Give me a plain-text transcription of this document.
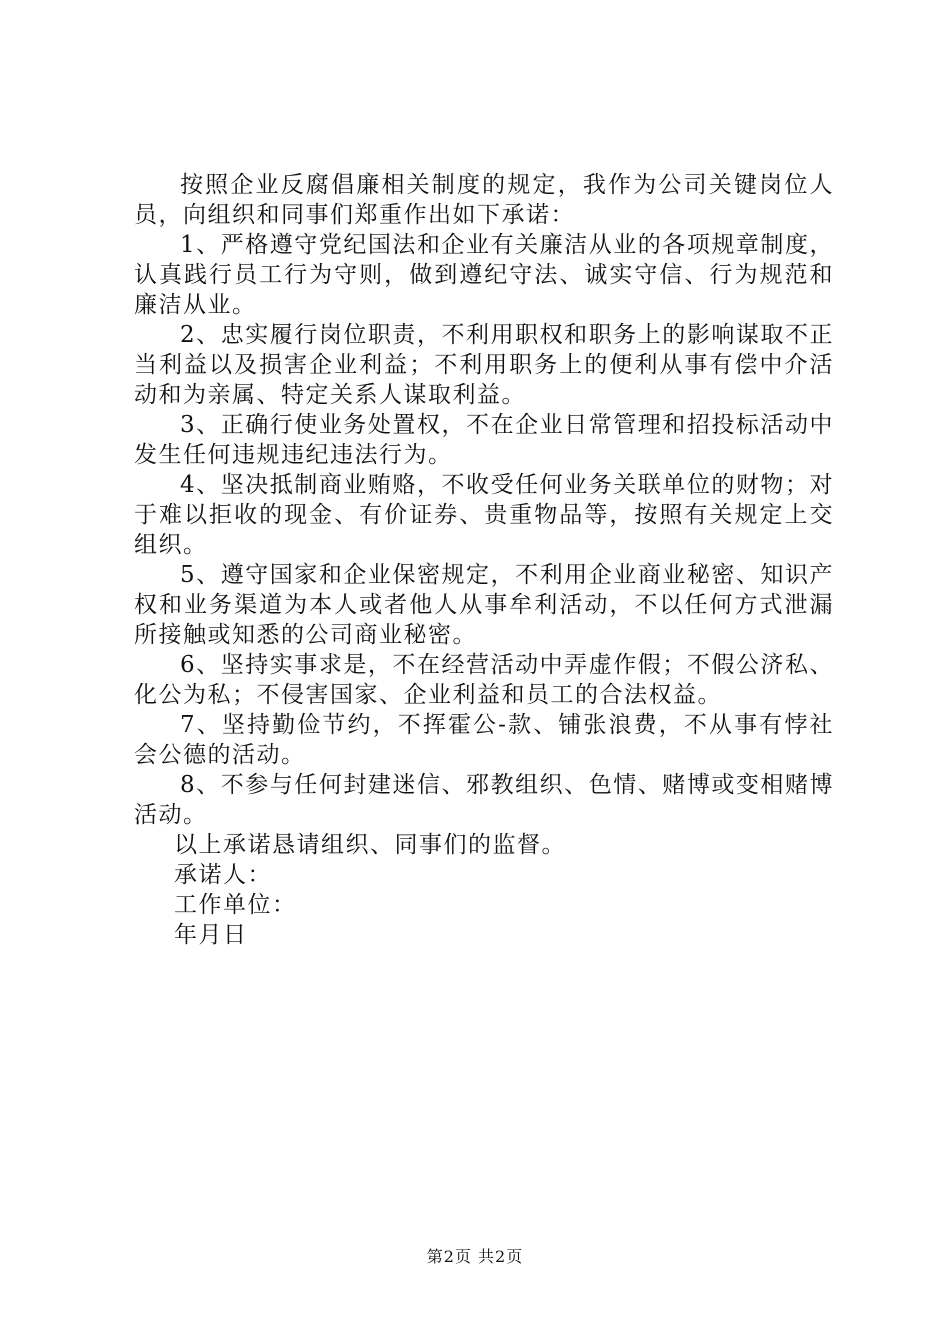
按照企业反腐倡廉相关制度的规定，我作为公司关键岗位人员，向组织和同事们郑重作出如下承诺：

1、严格遵守党纪国法和企业有关廉洁从业的各项规章制度，认真践行员工行为守则，做到遵纪守法、诚实守信、行为规范和廉洁从业。

2、忠实履行岗位职责，不利用职权和职务上的影响谋取不正当利益以及损害企业利益；不利用职务上的便利从事有偿中介活动和为亲属、特定关系人谋取利益。

3、正确行使业务处置权，不在企业日常管理和招投标活动中发生任何违规违纪违法行为。

4、坚决抵制商业贿赂，不收受任何业务关联单位的财物；对于难以拒收的现金、有价证券、贵重物品等，按照有关规定上交组织。

5、遵守国家和企业保密规定，不利用企业商业秘密、知识产权和业务渠道为本人或者他人从事牟利活动，不以任何方式泄漏所接触或知悉的公司商业秘密。

6、坚持实事求是，不在经营活动中弄虚作假；不假公济私、化公为私；不侵害国家、企业利益和员工的合法权益。

7、坚持勤俭节约，不挥霍公-款、铺张浪费，不从事有悖社会公德的活动。

8、不参与任何封建迷信、邪教组织、色情、赌博或变相赌博活动。

以上承诺恳请组织、同事们的监督。

承诺人：

工作单位：

年月日

第2页 共2页
